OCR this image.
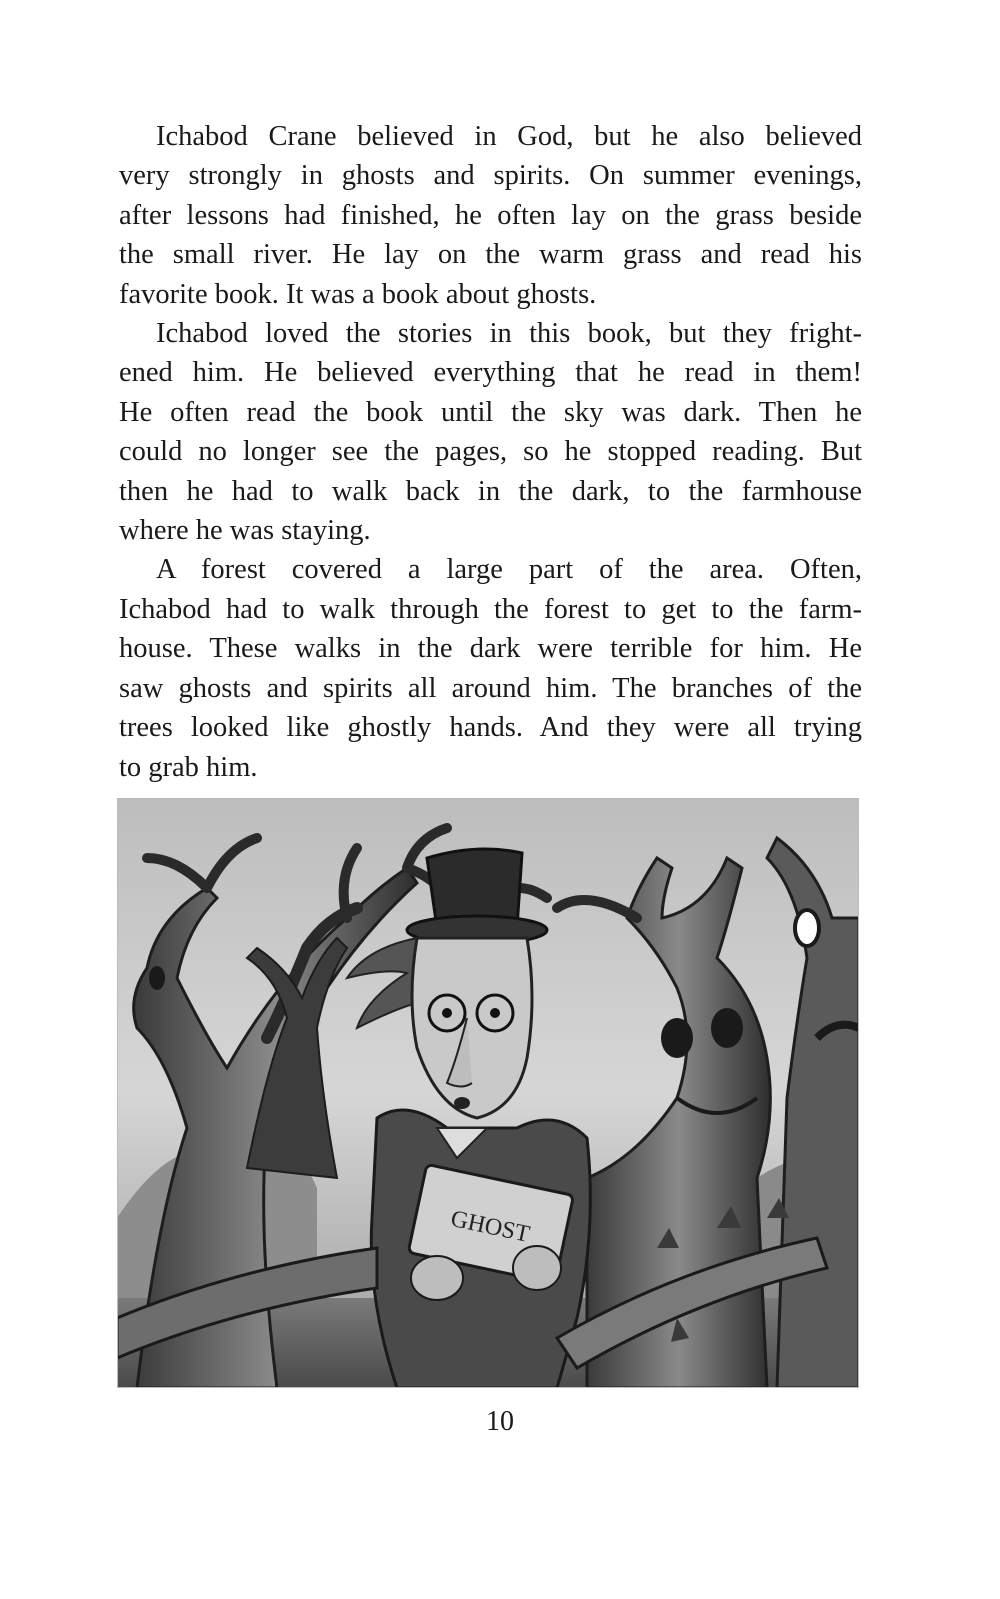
Ichabod Crane believed in God, but he also believed
very strongly in ghosts and spirits. On summer evenings,
after lessons had finished, he often lay on the grass beside
the small river. He lay on the warm grass and read his
favorite book. It was a book about ghosts.
Ichabod loved the stories in this book, but they fright-
ened him. He believed everything that he read in them!
He often read the book until the sky was dark. Then he
could no longer see the pages, so he stopped reading. But
then he had to walk back in the dark, to the farmhouse
where he was staying.
A forest covered a large part of the area. Often,
Ichabod had to walk through the forest to get to the farm-
house. These walks in the dark were terrible for him. He
saw ghosts and spirits all around him. The branches of the
trees looked like ghostly hands. And they were all trying
to grab him.
GHOST
10
